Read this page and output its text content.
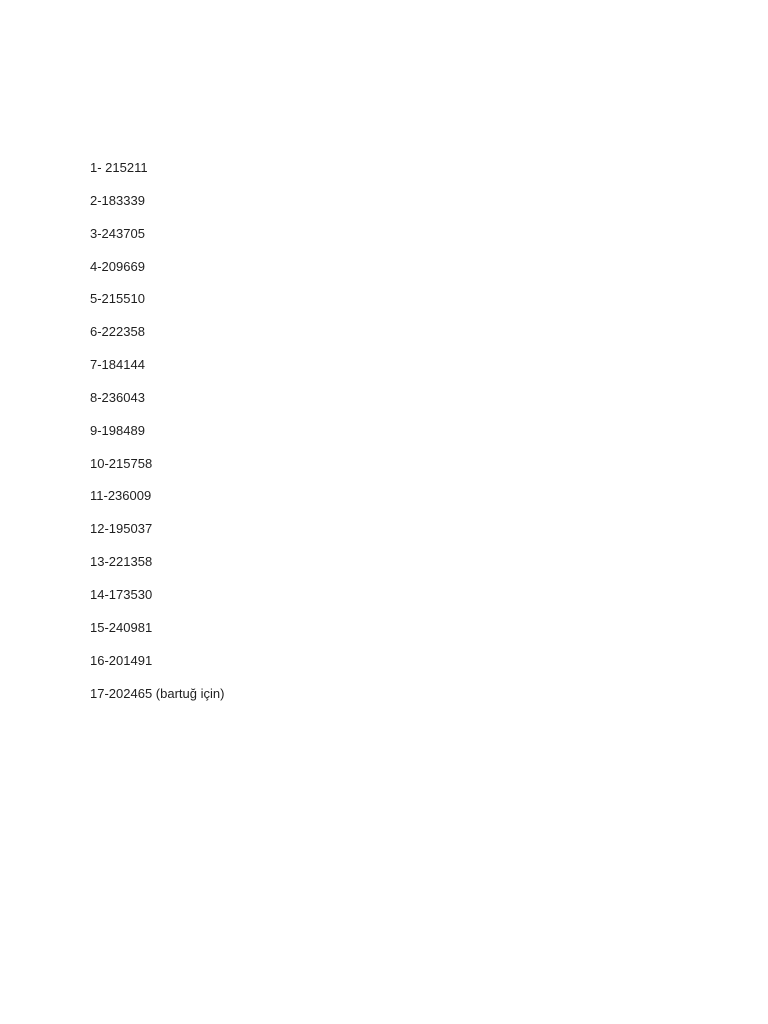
1- 215211
2-183339
3-243705
4-209669
5-215510
6-222358
7-184144
8-236043
9-198489
10-215758
11-236009
12-195037
13-221358
14-173530
15-240981
16-201491
17-202465 (bartuğ için)
